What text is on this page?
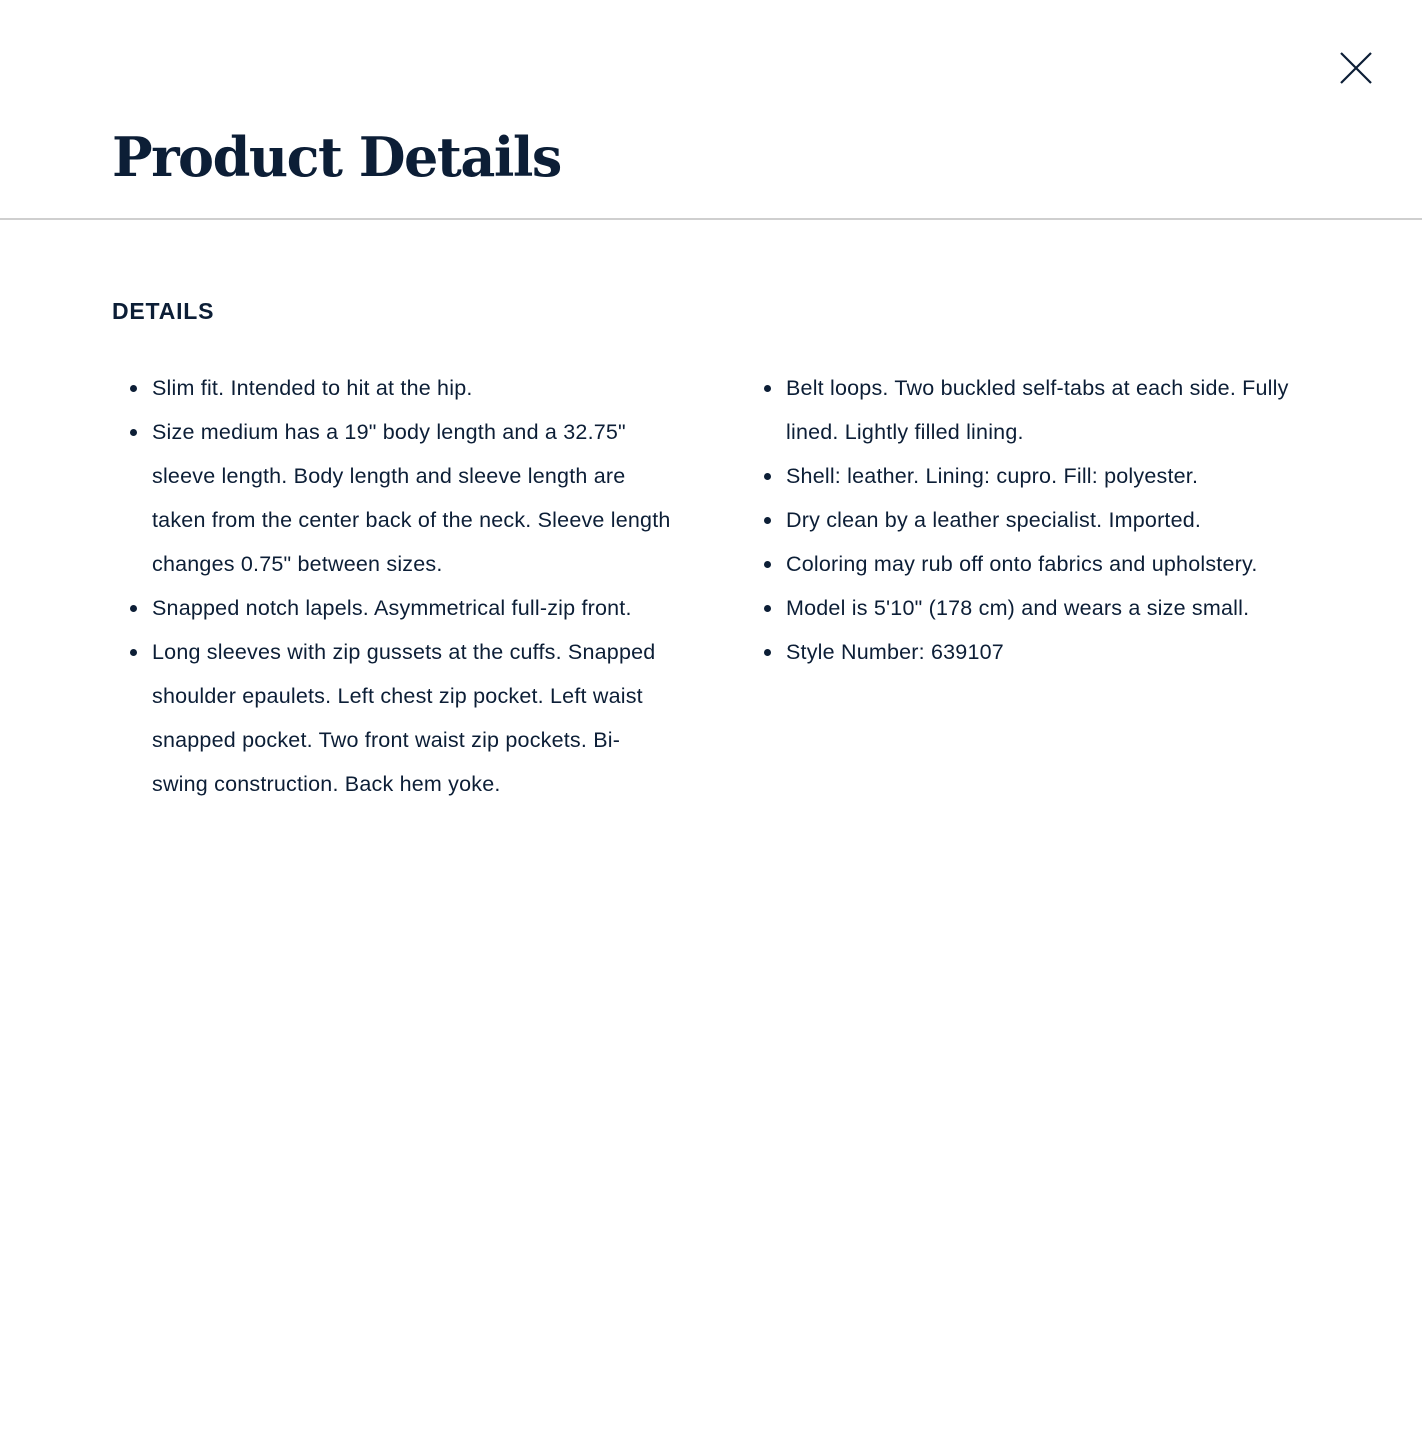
Product Details
DETAILS
Slim fit. Intended to hit at the hip.
Size medium has a 19" body length and a 32.75" sleeve length. Body length and sleeve length are taken from the center back of the neck. Sleeve length changes 0.75" between sizes.
Snapped notch lapels. Asymmetrical full-zip front.
Long sleeves with zip gussets at the cuffs. Snapped shoulder epaulets. Left chest zip pocket. Left waist snapped pocket. Two front waist zip pockets. Bi-swing construction. Back hem yoke.
Belt loops. Two buckled self-tabs at each side. Fully lined. Lightly filled lining.
Shell: leather. Lining: cupro. Fill: polyester.
Dry clean by a leather specialist. Imported.
Coloring may rub off onto fabrics and upholstery.
Model is 5'10" (178 cm) and wears a size small.
Style Number: 639107
